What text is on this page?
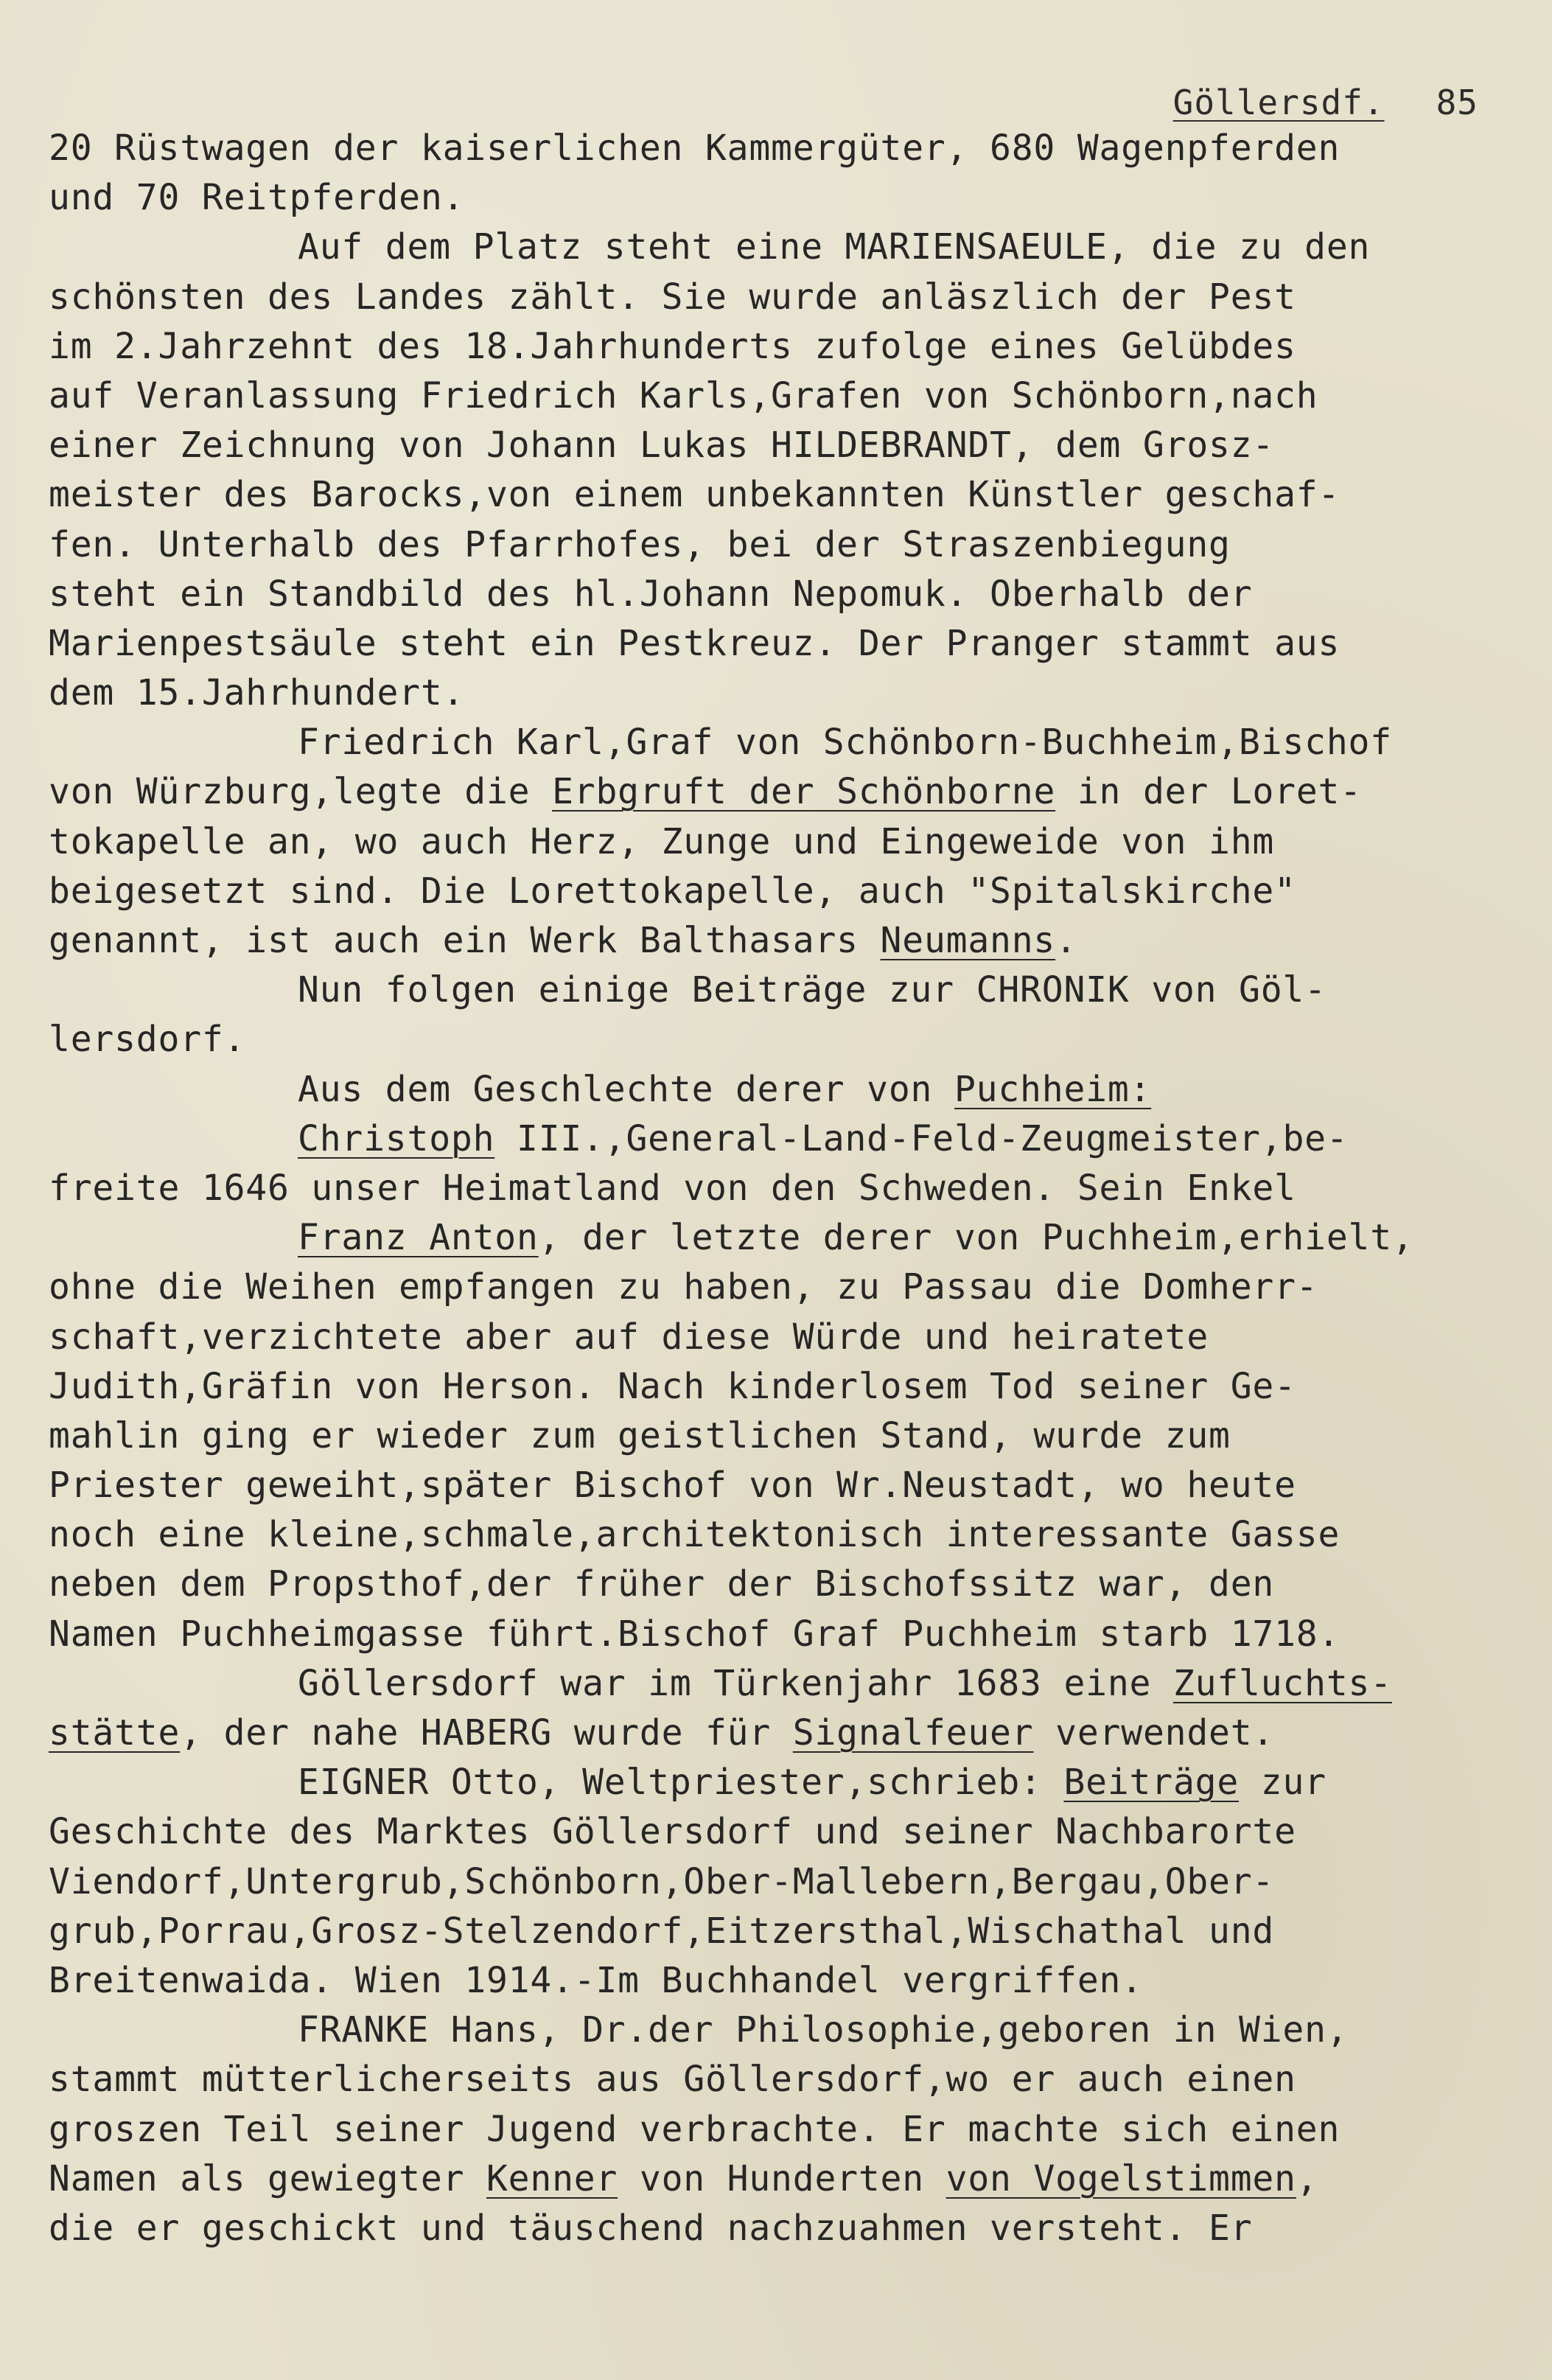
Göllersdf. 85
20 Rüstwagen der kaiserlichen Kammergüter, 680 Wagenpferden
und 70 Reitpferden.
Auf dem Platz steht eine MARIENSAEULE, die zu den
schönsten des Landes zählt. Sie wurde anläszlich der Pest
im 2.Jahrzehnt des 18.Jahrhunderts zufolge eines Gelübdes
auf Veranlassung Friedrich Karls,Grafen von Schönborn,nach
einer Zeichnung von Johann Lukas HILDEBRANDT, dem Grosz-
meister des Barocks,von einem unbekannten Künstler geschaf-
fen. Unterhalb des Pfarrhofes, bei der Straszenbiegung
steht ein Standbild des hl.Johann Nepomuk. Oberhalb der
Marienpestsäule steht ein Pestkreuz. Der Pranger stammt aus
dem 15.Jahrhundert.
Friedrich Karl,Graf von Schönborn-Buchheim,Bischof
von Würzburg,legte die Erbgruft der Schönborne in der Loret-
tokapelle an, wo auch Herz, Zunge und Eingeweide von ihm
beigesetzt sind. Die Lorettokapelle, auch "Spitalskirche"
genannt, ist auch ein Werk Balthasars Neumanns.
Nun folgen einige Beiträge zur CHRONIK von Göl-
lersdorf.
Aus dem Geschlechte derer von Puchheim:
Christoph III.,General-Land-Feld-Zeugmeister,be-
freite 1646 unser Heimatland von den Schweden. Sein Enkel
Franz Anton, der letzte derer von Puchheim,erhielt,
ohne die Weihen empfangen zu haben, zu Passau die Domherr-
schaft,verzichtete aber auf diese Würde und heiratete
Judith,Gräfin von Herson. Nach kinderlosem Tod seiner Ge-
mahlin ging er wieder zum geistlichen Stand, wurde zum
Priester geweiht,später Bischof von Wr.Neustadt, wo heute
noch eine kleine,schmale,architektonisch interessante Gasse
neben dem Propsthof,der früher der Bischofssitz war, den
Namen Puchheimgasse führt.Bischof Graf Puchheim starb 1718.
Göllersdorf war im Türkenjahr 1683 eine Zufluchts-
stätte, der nahe HABERG wurde für Signalfeuer verwendet.
EIGNER Otto, Weltpriester,schrieb: Beiträge zur
Geschichte des Marktes Göllersdorf und seiner Nachbarorte
Viendorf,Untergrub,Schönborn,Ober-Mallebern,Bergau,Ober-
grub,Porrau,Grosz-Stelzendorf,Eitzersthal,Wischathal und
Breitenwaida. Wien 1914.-Im Buchhandel vergriffen.
FRANKE Hans, Dr.der Philosophie,geboren in Wien,
stammt mütterlicherseits aus Göllersdorf,wo er auch einen
groszen Teil seiner Jugend verbrachte. Er machte sich einen
Namen als gewiegter Kenner von Hunderten von Vogelstimmen,
die er geschickt und täuschend nachzuahmen versteht. Er
